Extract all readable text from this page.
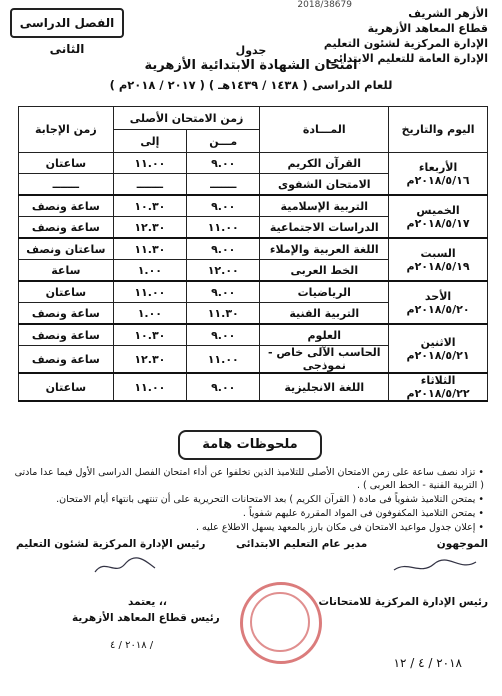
2018/38679
الفصل الدراسى الثانى
الأزهر الشريف
قطاع المعاهد الأزهرية
الإدارة المركزية لشئون التعليم
الإدارة العامة للتعليم الابتدائى
جدول
امتحان الشهادة الابتدائية الأزهرية
للعام الدراسى ( ١٤٣٨ / ١٤٣٩هـ ) ( ٢٠١٧ / ٢٠١٨م )
اليوم والتاريخ	المـــادة	زمن الامتحان الأصلى		زمن الإجابة
		مـــن	إلى	

الأربعاء
٢٠١٨/٥/١٦م	القرآن الكريم	٩.٠٠	١١.٠٠	ساعتان
	الامتحان الشفوى	ـــــــ	ـــــــ	ـــــــ

الخميس
٢٠١٨/٥/١٧م	التربية الإسلامية	٩.٠٠	١٠.٣٠	ساعة ونصف
	الدراسات الاجتماعية	١١.٠٠	١٢.٣٠	ساعة ونصف

السبت
٢٠١٨/٥/١٩م	اللغة العربية والإملاء	٩.٠٠	١١.٣٠	ساعتان ونصف
	الخط العربى	١٢.٠٠	١.٠٠	ساعة

الأحد
٢٠١٨/٥/٢٠م	الرياضيات	٩.٠٠	١١.٠٠	ساعتان
	التربية الفنية	١١.٣٠	١.٠٠	ساعة ونصف

الاثنين
٢٠١٨/٥/٢١م	العلوم	٩.٠٠	١٠.٣٠	ساعة ونصف
	الحاسب الآلى خاص - نموذجى	١١.٠٠	١٢.٣٠	ساعة ونصف

الثلاثاء
٢٠١٨/٥/٢٢م	اللغة الانجليزية	٩.٠٠	١١.٠٠	ساعتان
ملحوظات هامة
• تزاد نصف ساعة على زمن الامتحان الأصلى للتلاميذ الذين تخلفوا عن أداء امتحان الفصل الدراسى الأول فيما عدا مادتى ( التربية الفنية - الخط العربى ) .
• يمتحن التلاميذ شفوياً فى مادة ( القرآن الكريم ) بعد الامتحانات التحريرية على أن تنتهى بانتهاء أيام الامتحان.
• يمتحن التلاميذ المكفوفون فى المواد المقررة عليهم شفوياً .
• إعلان جدول مواعيد الامتحان فى مكان بارز بالمعهد يسهل الاطلاع عليه .
رئيس الإدارة المركزية لشئون التعليم	مدير عام التعليم الابتدائى	الموجهون
رئيس الإدارة المركزية للامتحانات
يعتمد ،،
رئيس قطاع المعاهد الأزهرية
٢٠١٨ / ٤ /
٢٠١٨ / ٤ / ١٢
